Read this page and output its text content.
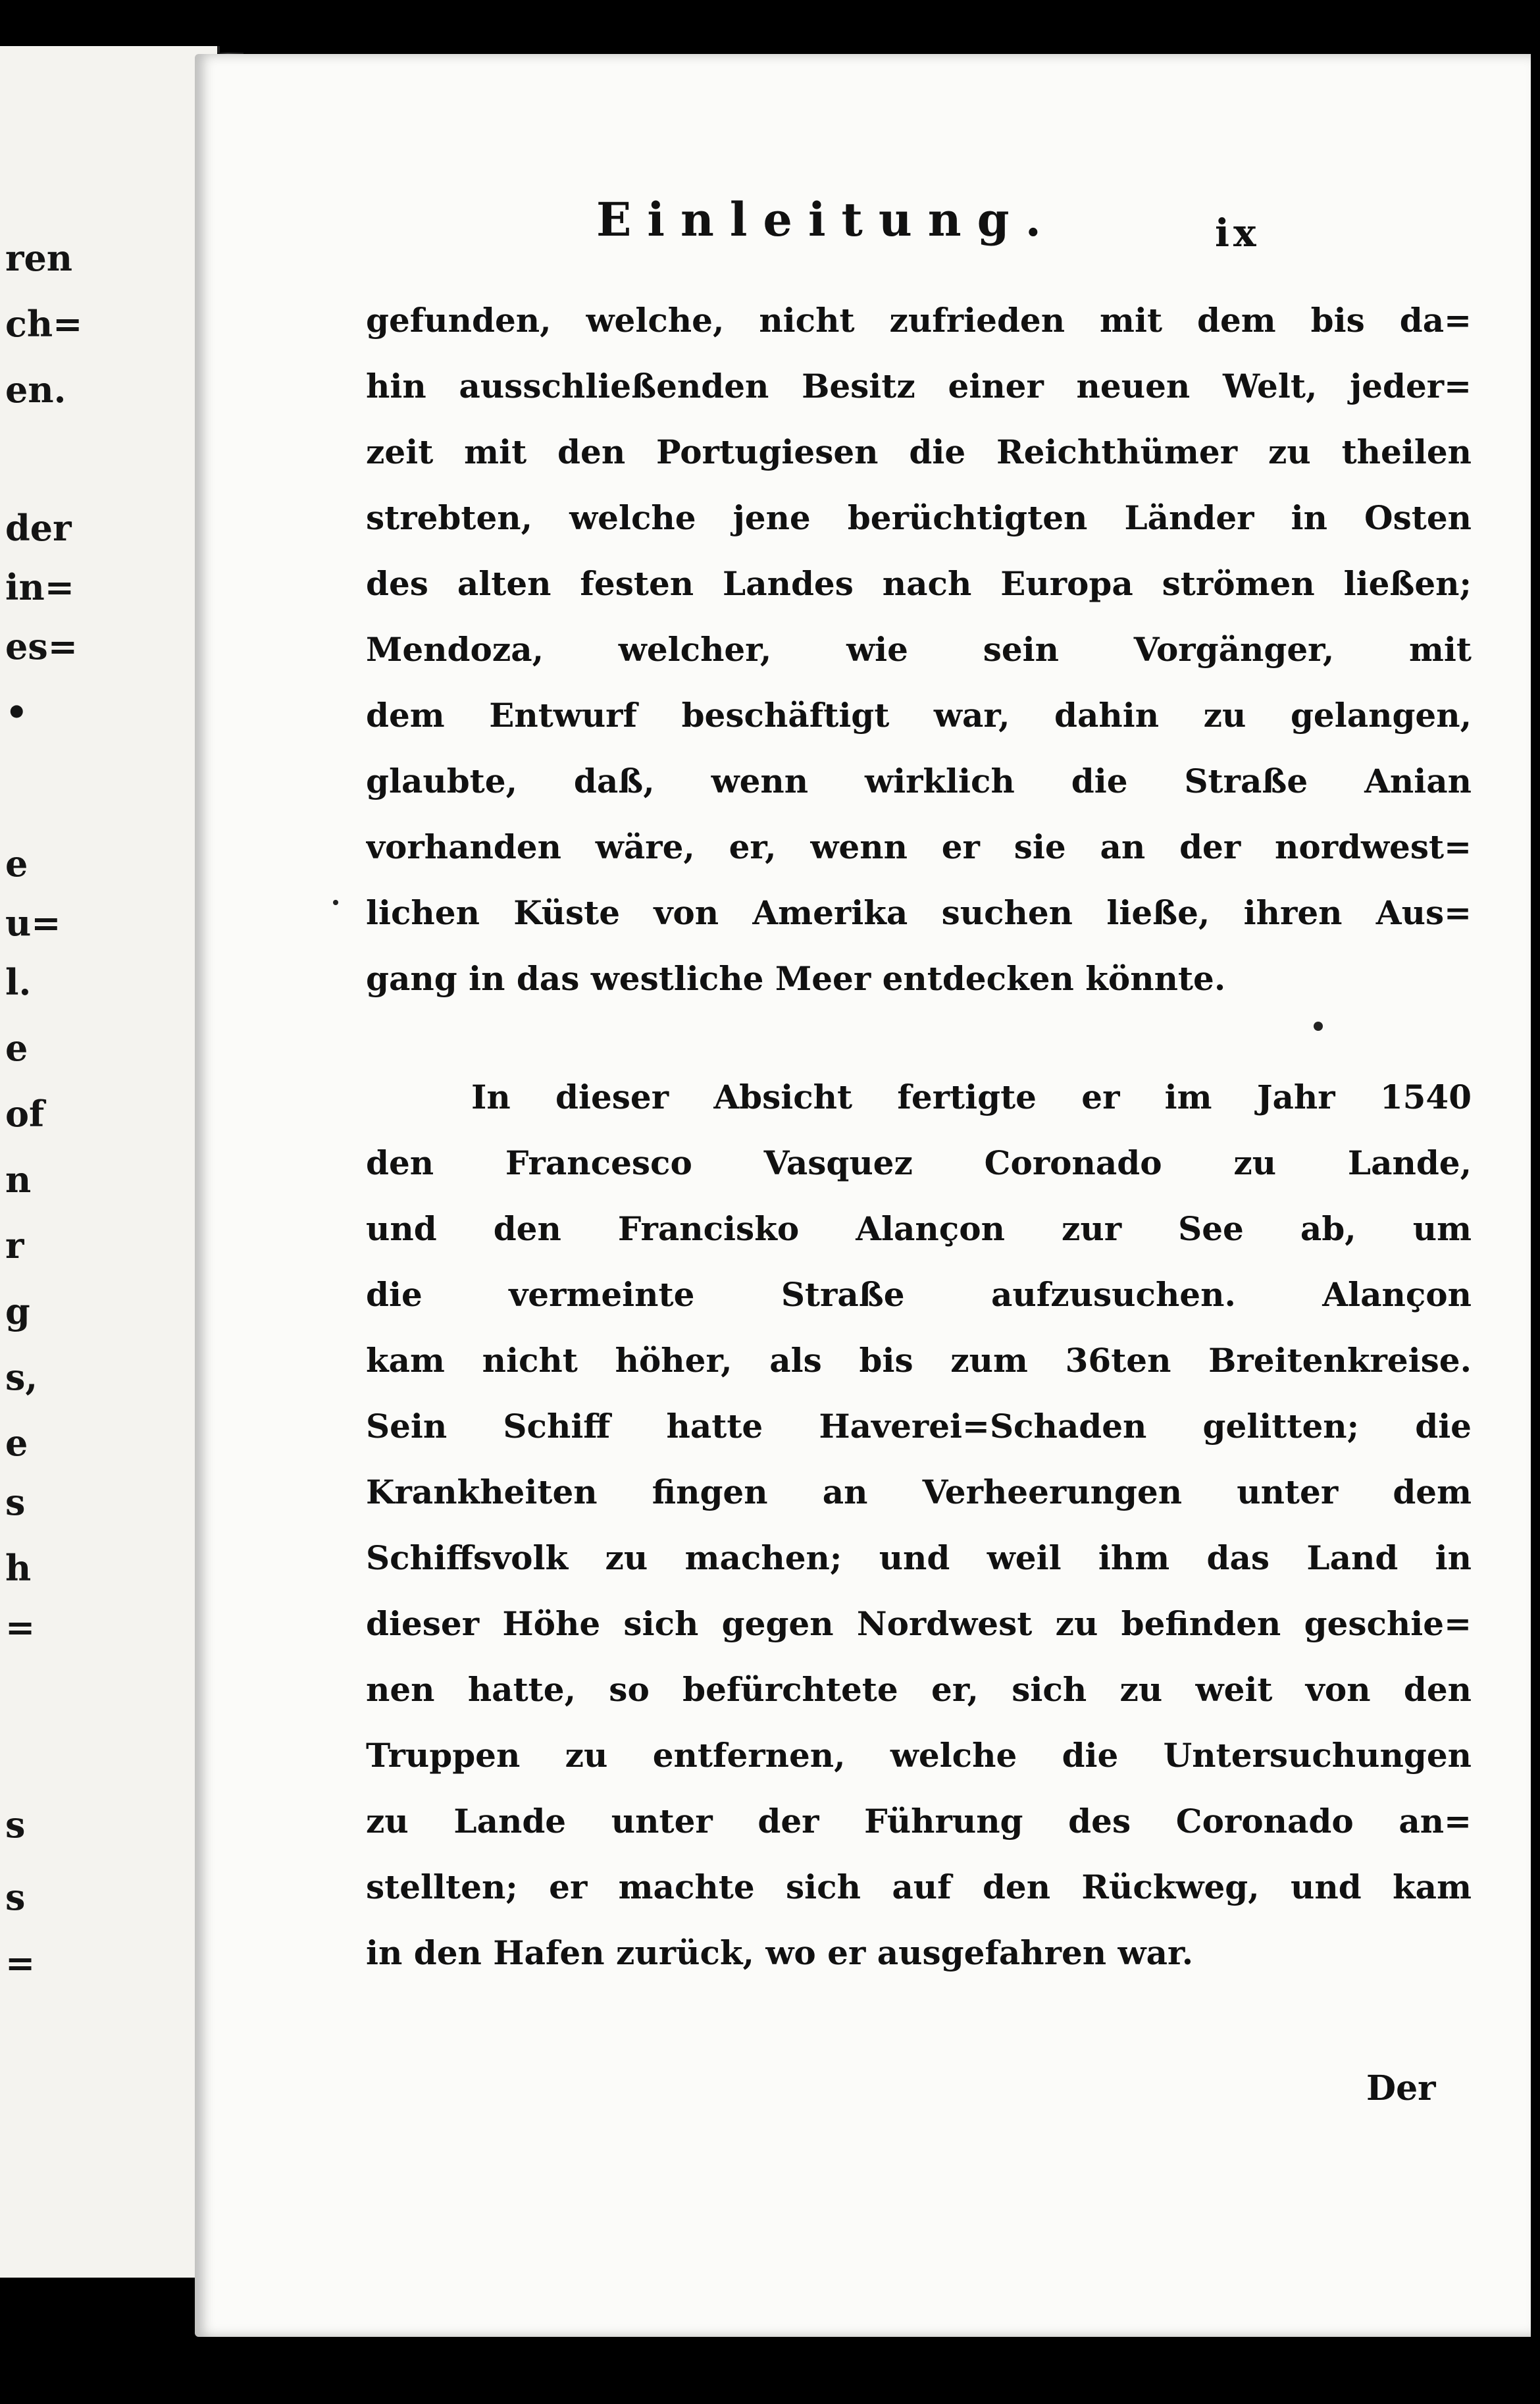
ren
ch=
en.
der
in=
es=
•
e
u=
l.
e
of
n
r
g
s,
e
s
h
=
s
s
=
Einleitung.	ix
gefunden, welche, nicht zufrieden mit dem bis da=
hin ausschließenden Besitz einer neuen Welt, jeder=
zeit mit den Portugiesen die Reichthümer zu theilen
strebten, welche jene berüchtigten Länder in Osten
des alten festen Landes nach Europa strömen ließen;
Mendoza, welcher, wie sein Vorgänger, mit
dem Entwurf beschäftigt war, dahin zu gelangen,
glaubte, daß, wenn wirklich die Straße Anian
vorhanden wäre, er, wenn er sie an der nordwest=
lichen Küste von Amerika suchen ließe, ihren Aus=
gang in das westliche Meer entdecken könnte.
In dieser Absicht fertigte er im Jahr 1540
den Francesco Vasquez Coronado zu Lande,
und den Francisko Alançon zur See ab, um
die vermeinte Straße aufzusuchen. Alançon
kam nicht höher, als bis zum 36ten Breitenkreise.
Sein Schiff hatte Haverei=Schaden gelitten; die
Krankheiten fingen an Verheerungen unter dem
Schiffsvolk zu machen; und weil ihm das Land in
dieser Höhe sich gegen Nordwest zu befinden geschie=
nen hatte, so befürchtete er, sich zu weit von den
Truppen zu entfernen, welche die Untersuchungen
zu Lande unter der Führung des Coronado an=
stellten; er machte sich auf den Rückweg, und kam
in den Hafen zurück, wo er ausgefahren war.
Der
